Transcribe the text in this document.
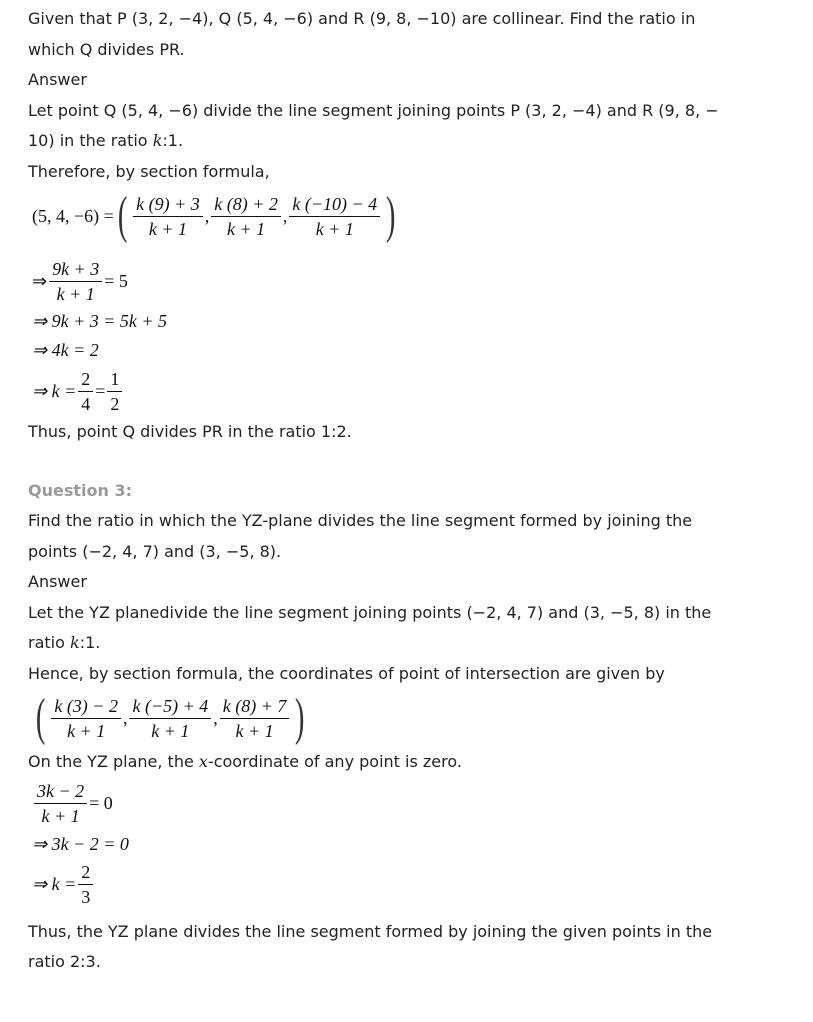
Given that P (3, 2, −4), Q (5, 4, −6) and R (9, 8, −10) are collinear. Find the ratio in
which Q divides PR.
Answer
Let point Q (5, 4, −6) divide the line segment joining points P (3, 2, −4) and R (9, 8, −
10) in the ratio k:1.
Therefore, by section formula,
(5, 4, −6) = ( $\frac{k (9) + 3}{k + 1}$ , $\frac{k (8) + 2}{k + 1}$ , $\frac{k (-10) - 4}{k + 1}$ )
⇒ $\frac{9k + 3}{k + 1} = 5$
⇒ 9k + 3 = 5k + 5
⇒ 4k = 2
⇒ $k = \frac{2}{4} = \frac{1}{2}$
Thus, point Q divides PR in the ratio 1:2.
Question 3:
Find the ratio in which the YZ-plane divides the line segment formed by joining the
points (−2, 4, 7) and (3, −5, 8).
Answer
Let the YZ planedivide the line segment joining points (−2, 4, 7) and (3, −5, 8) in the
ratio k:1.
Hence, by section formula, the coordinates of point of intersection are given by
( $\frac{k (3) - 2}{k + 1}$ , $\frac{k (-5) + 4}{k + 1}$ , $\frac{k (8) + 7}{k + 1}$ )
On the YZ plane, the x-coordinate of any point is zero.
$\frac{3k - 2}{k + 1} = 0$
⇒ 3k − 2 = 0
⇒ $k = \frac{2}{3}$
Thus, the YZ plane divides the line segment formed by joining the given points in the
ratio 2:3.
